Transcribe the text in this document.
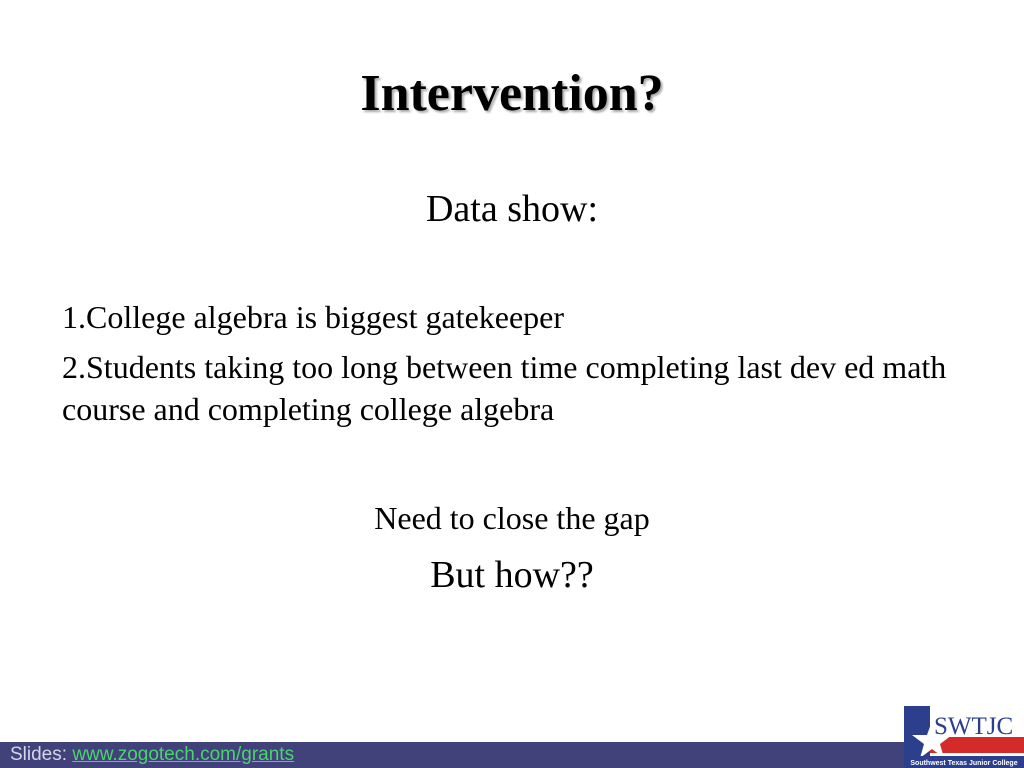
Intervention?
Data show:
1.College algebra is biggest gatekeeper
2.Students taking too long between time completing last dev ed math course and completing college algebra
Need to close the gap
But how??
Slides: www.zogotech.com/grants
SWTJC
Southwest Texas Junior College
